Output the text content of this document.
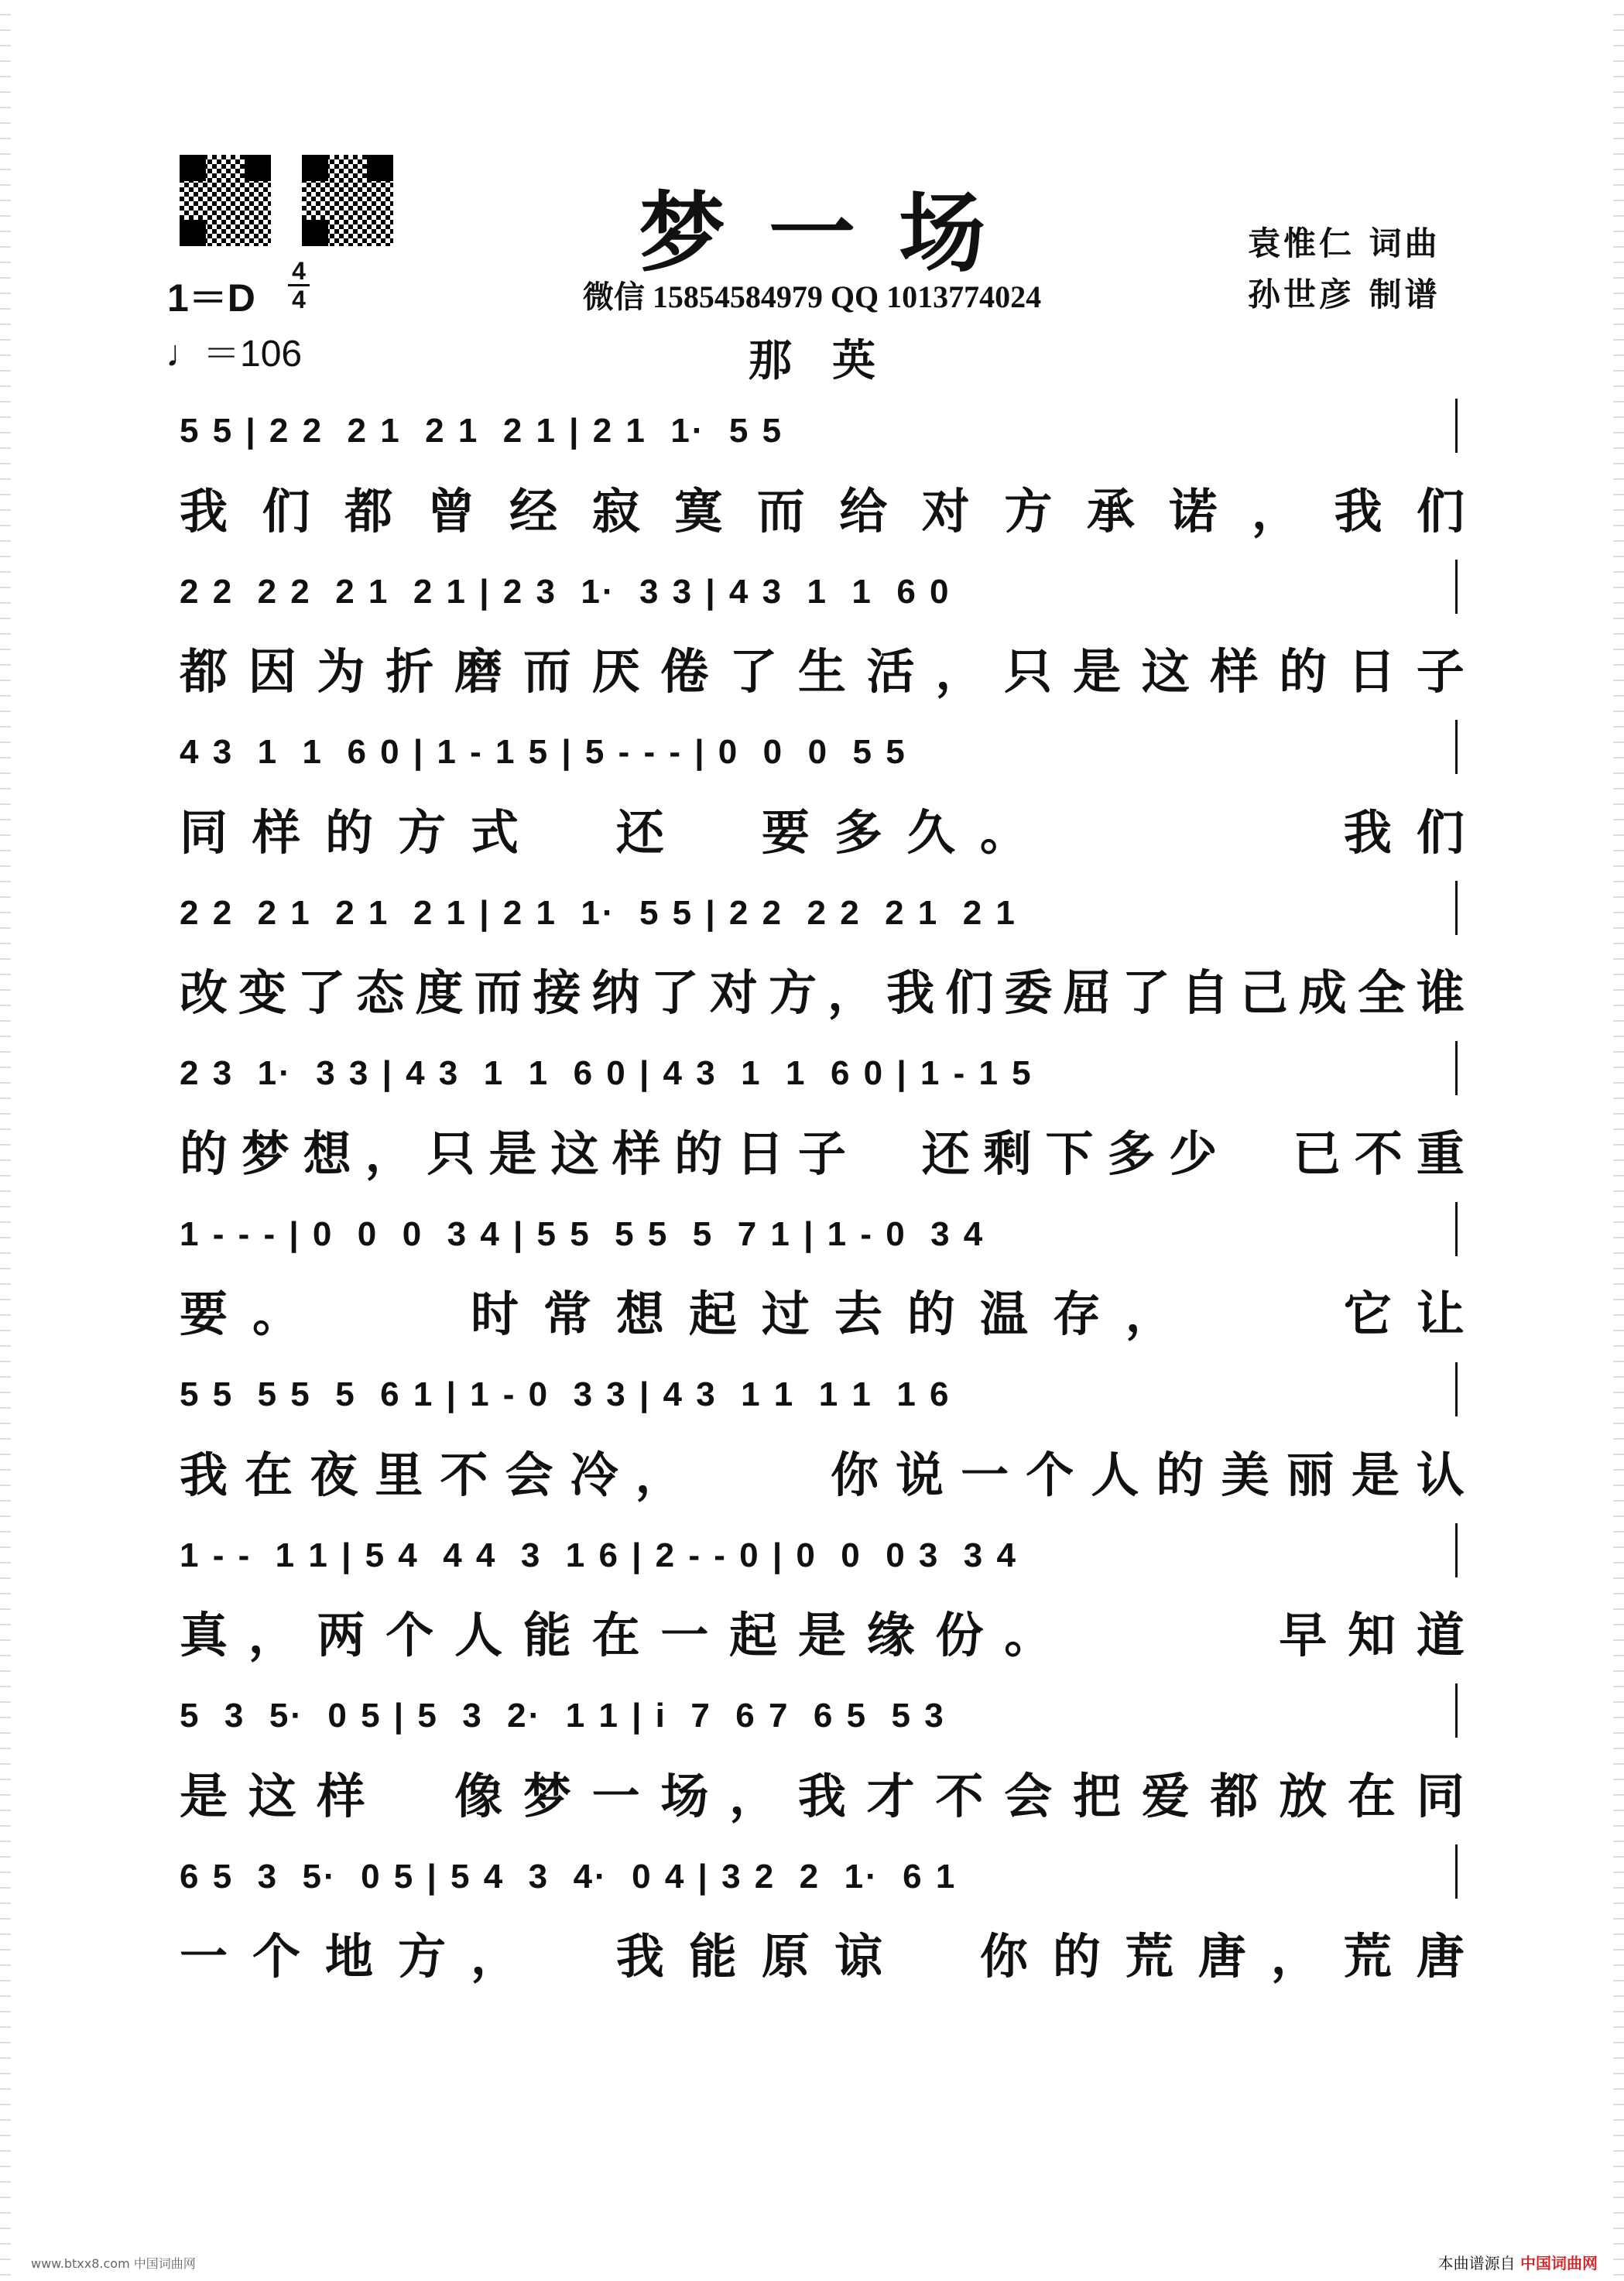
梦一场	袁惟仁 词曲
孙世彦 制谱
微信 15854584979 QQ 1013774024
那英
1＝D
4
4
♩＝106
5 5 | 2 2  2 1  2 1  2 1 | 2 1  1·  5 5
我 们 都 曾 经 寂 寞 而 给 对 方 承 诺 ， 我 们
2 2  2 2  2 1  2 1 | 2 3  1·  3 3 | 4 3  1  1  6 0
都 因 为 折 磨 而 厌 倦 了 生 活 ， 只 是 这 样 的 日 子
4 3  1  1  6 0 | 1 - 1 5 | 5 - - - | 0  0  0  5 5
同 样 的 方 式
　 还
　 要 多 久 。

　	我 们
2 2  2 1  2 1  2 1 | 2 1  1·  5 5 | 2 2  2 2  2 1  2 1
改 变 了 态 度 而 接 纳 了 对 方 ， 我 们 委 屈 了 自 己 成 全 谁
2 3  1·  3 3 | 4 3  1  1  6 0 | 4 3  1  1  6 0 | 1 - 1 5
的 梦 想 ， 只 是 这 样 的 日 子
　 还 剩 下 多 少
　 已 不 重
1 - - - | 0  0  0  3 4 | 5 5  5 5  5  7 1 | 1 - 0  3 4
要 。

　	时 常 想 起 过 去 的 温 存 ，

　	它 让
5 5  5 5  5  6 1 | 1 - 0  3 3 | 4 3  1 1  1 1  1 6
我 在 夜 里 不 会 冷 ，

　	你 说 一 个 人 的 美 丽 是 认
1 - -  1 1 | 5 4  4 4  3  1 6 | 2 - - 0 | 0  0  0 3  3 4
真 ， 两 个 人 能 在 一 起 是 缘 份 。

　	早 知 道
5  3  5·  0 5 | 5  3  2·  1 1 | i  7  6 7  6 5  5 3
是 这 样
　 像 梦 一 场 ， 我 才 不 会 把 爱 都 放 在 同
6 5  3  5·  0 5 | 5 4  3  4·  0 4 | 3 2  2  1·  6 1
一 个 地 方 ，
　 我 能 原 谅
　 你 的 荒 唐 ， 荒 唐
www.btxx8.com 中国词曲网	本曲谱源自 中国词曲网
